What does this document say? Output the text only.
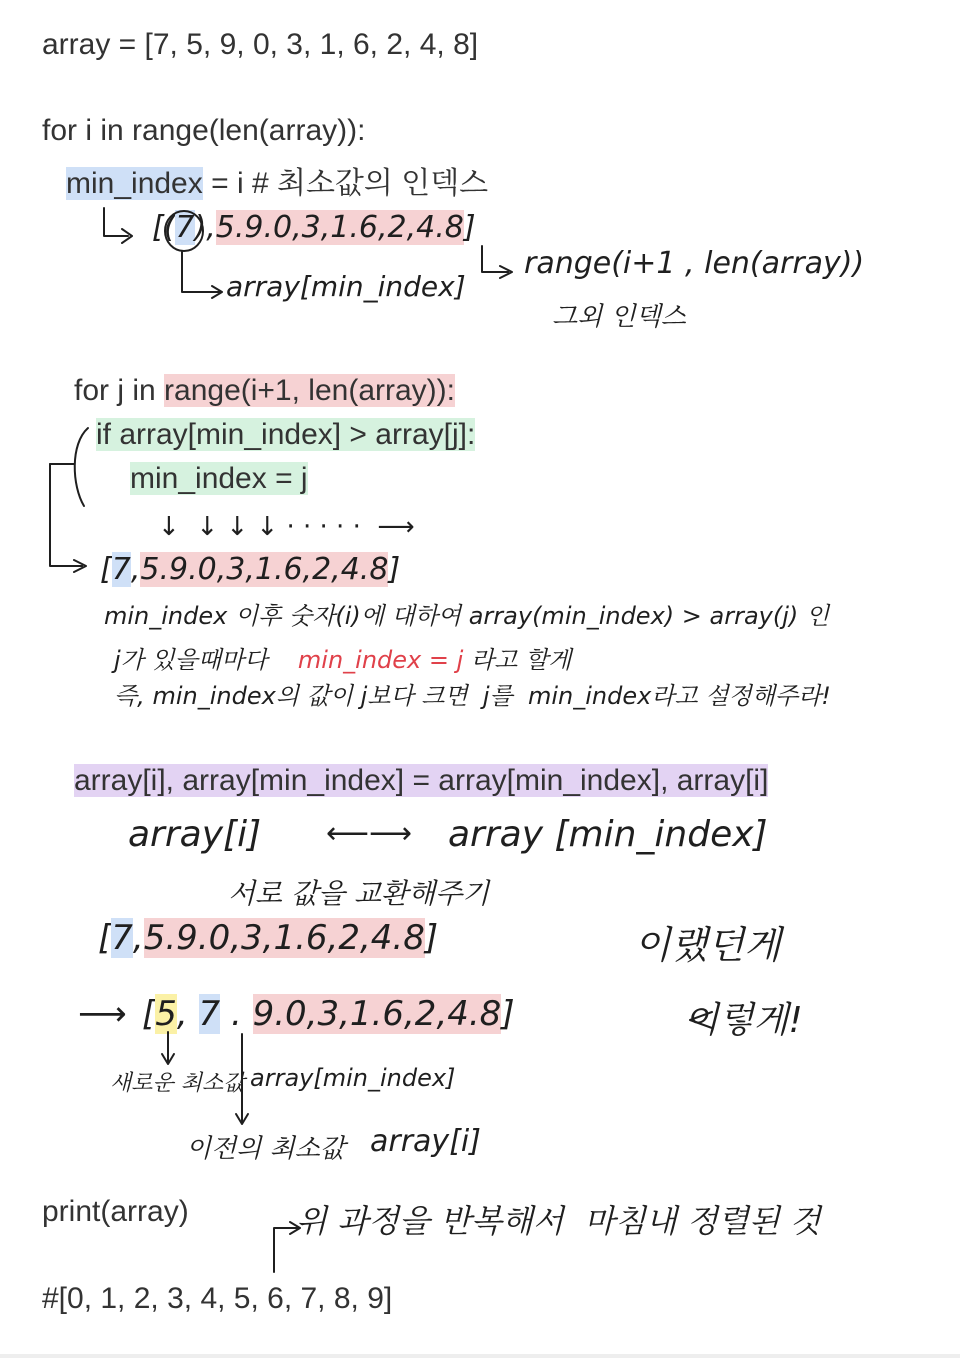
array = [7, 5, 9, 0, 3, 1, 6, 2, 4, 8]
for i in range(len(array)):
min_index = i # 최소값의 인덱스
for j in range(i+1, len(array)):
if array[min_index] > array[j]:
min_index = j
array[i], array[min_index] = array[min_index], array[i]
print(array)
#[0, 1, 2, 3, 4, 5, 6, 7, 8, 9]
[(7),5.9.0,3,1.6,2,4.8]
array[min_index]
range(i+1 , len(array))
그외 인덱스
↓  ↓ ↓ ↓ · · · · ·  ⟶
[7,5.9.0,3,1.6,2,4.8]
min_index 이후 숫자(i)에 대하여 array(min_index) > array(j) 인
j가 있을때마다 min_index = j 라고 할게
즉, min_index의 값이 j보다 크면  j를  min_index라고 설정해주라!
array[i] ⟵⟶ array [min_index]
서로 값을 교환해주기
[7,5.9.0,3,1.6,2,4.8]	이랬던게
⟶ [5, 7 . 9.0,3,1.6,2,4.8]	이렇게!
새로운 최소값 array[min_index]
이전의 최소값 array[i]
위 과정을 반복해서  마침내 정렬된 것
